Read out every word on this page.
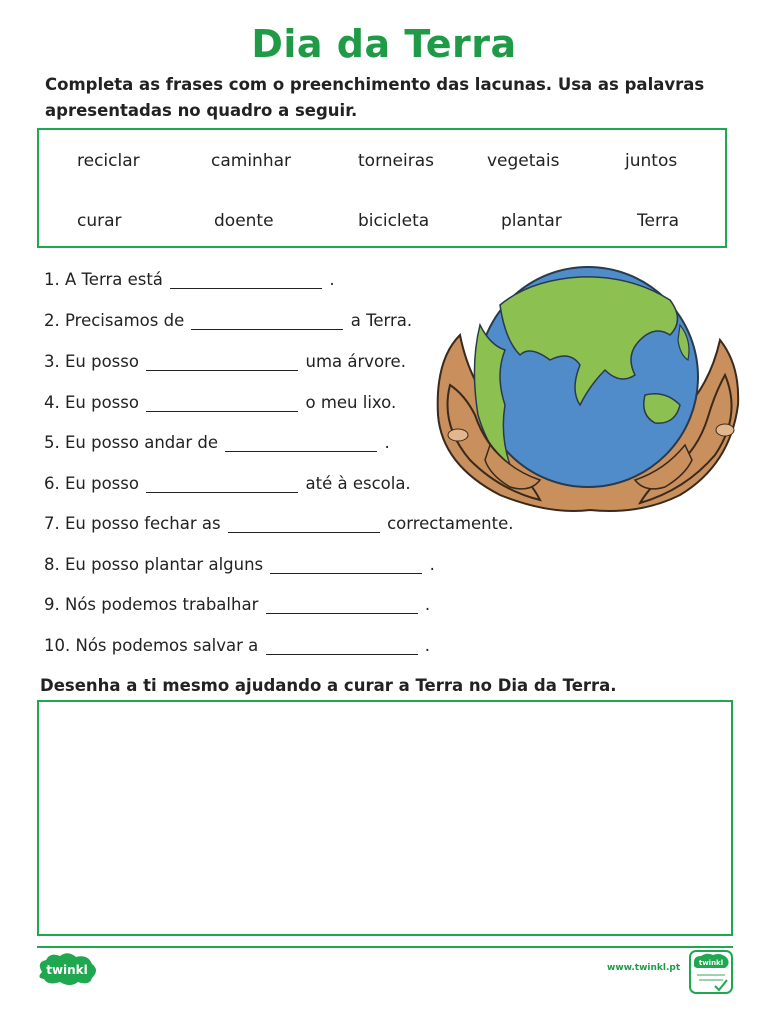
Dia da Terra
Completa as frases com o preenchimento das lacunas. Usa as palavras apresentadas no quadro a seguir.
reciclar	caminhar	torneiras	vegetais	juntos
curar	doente	bicicleta	plantar	Terra
1. A Terra está	.
2. Precisamos de	a Terra.
3. Eu posso	uma árvore.
4. Eu posso	o meu lixo.
5. Eu posso andar de	.
6. Eu posso	até à escola.
7. Eu posso fechar as	correctamente.
8. Eu posso plantar alguns	.
9. Nós podemos trabalhar	.
10. Nós podemos salvar a	.
Desenha a ti mesmo ajudando a curar a Terra no Dia da Terra.
twinkl	www.twinkl.pt	twinkl
